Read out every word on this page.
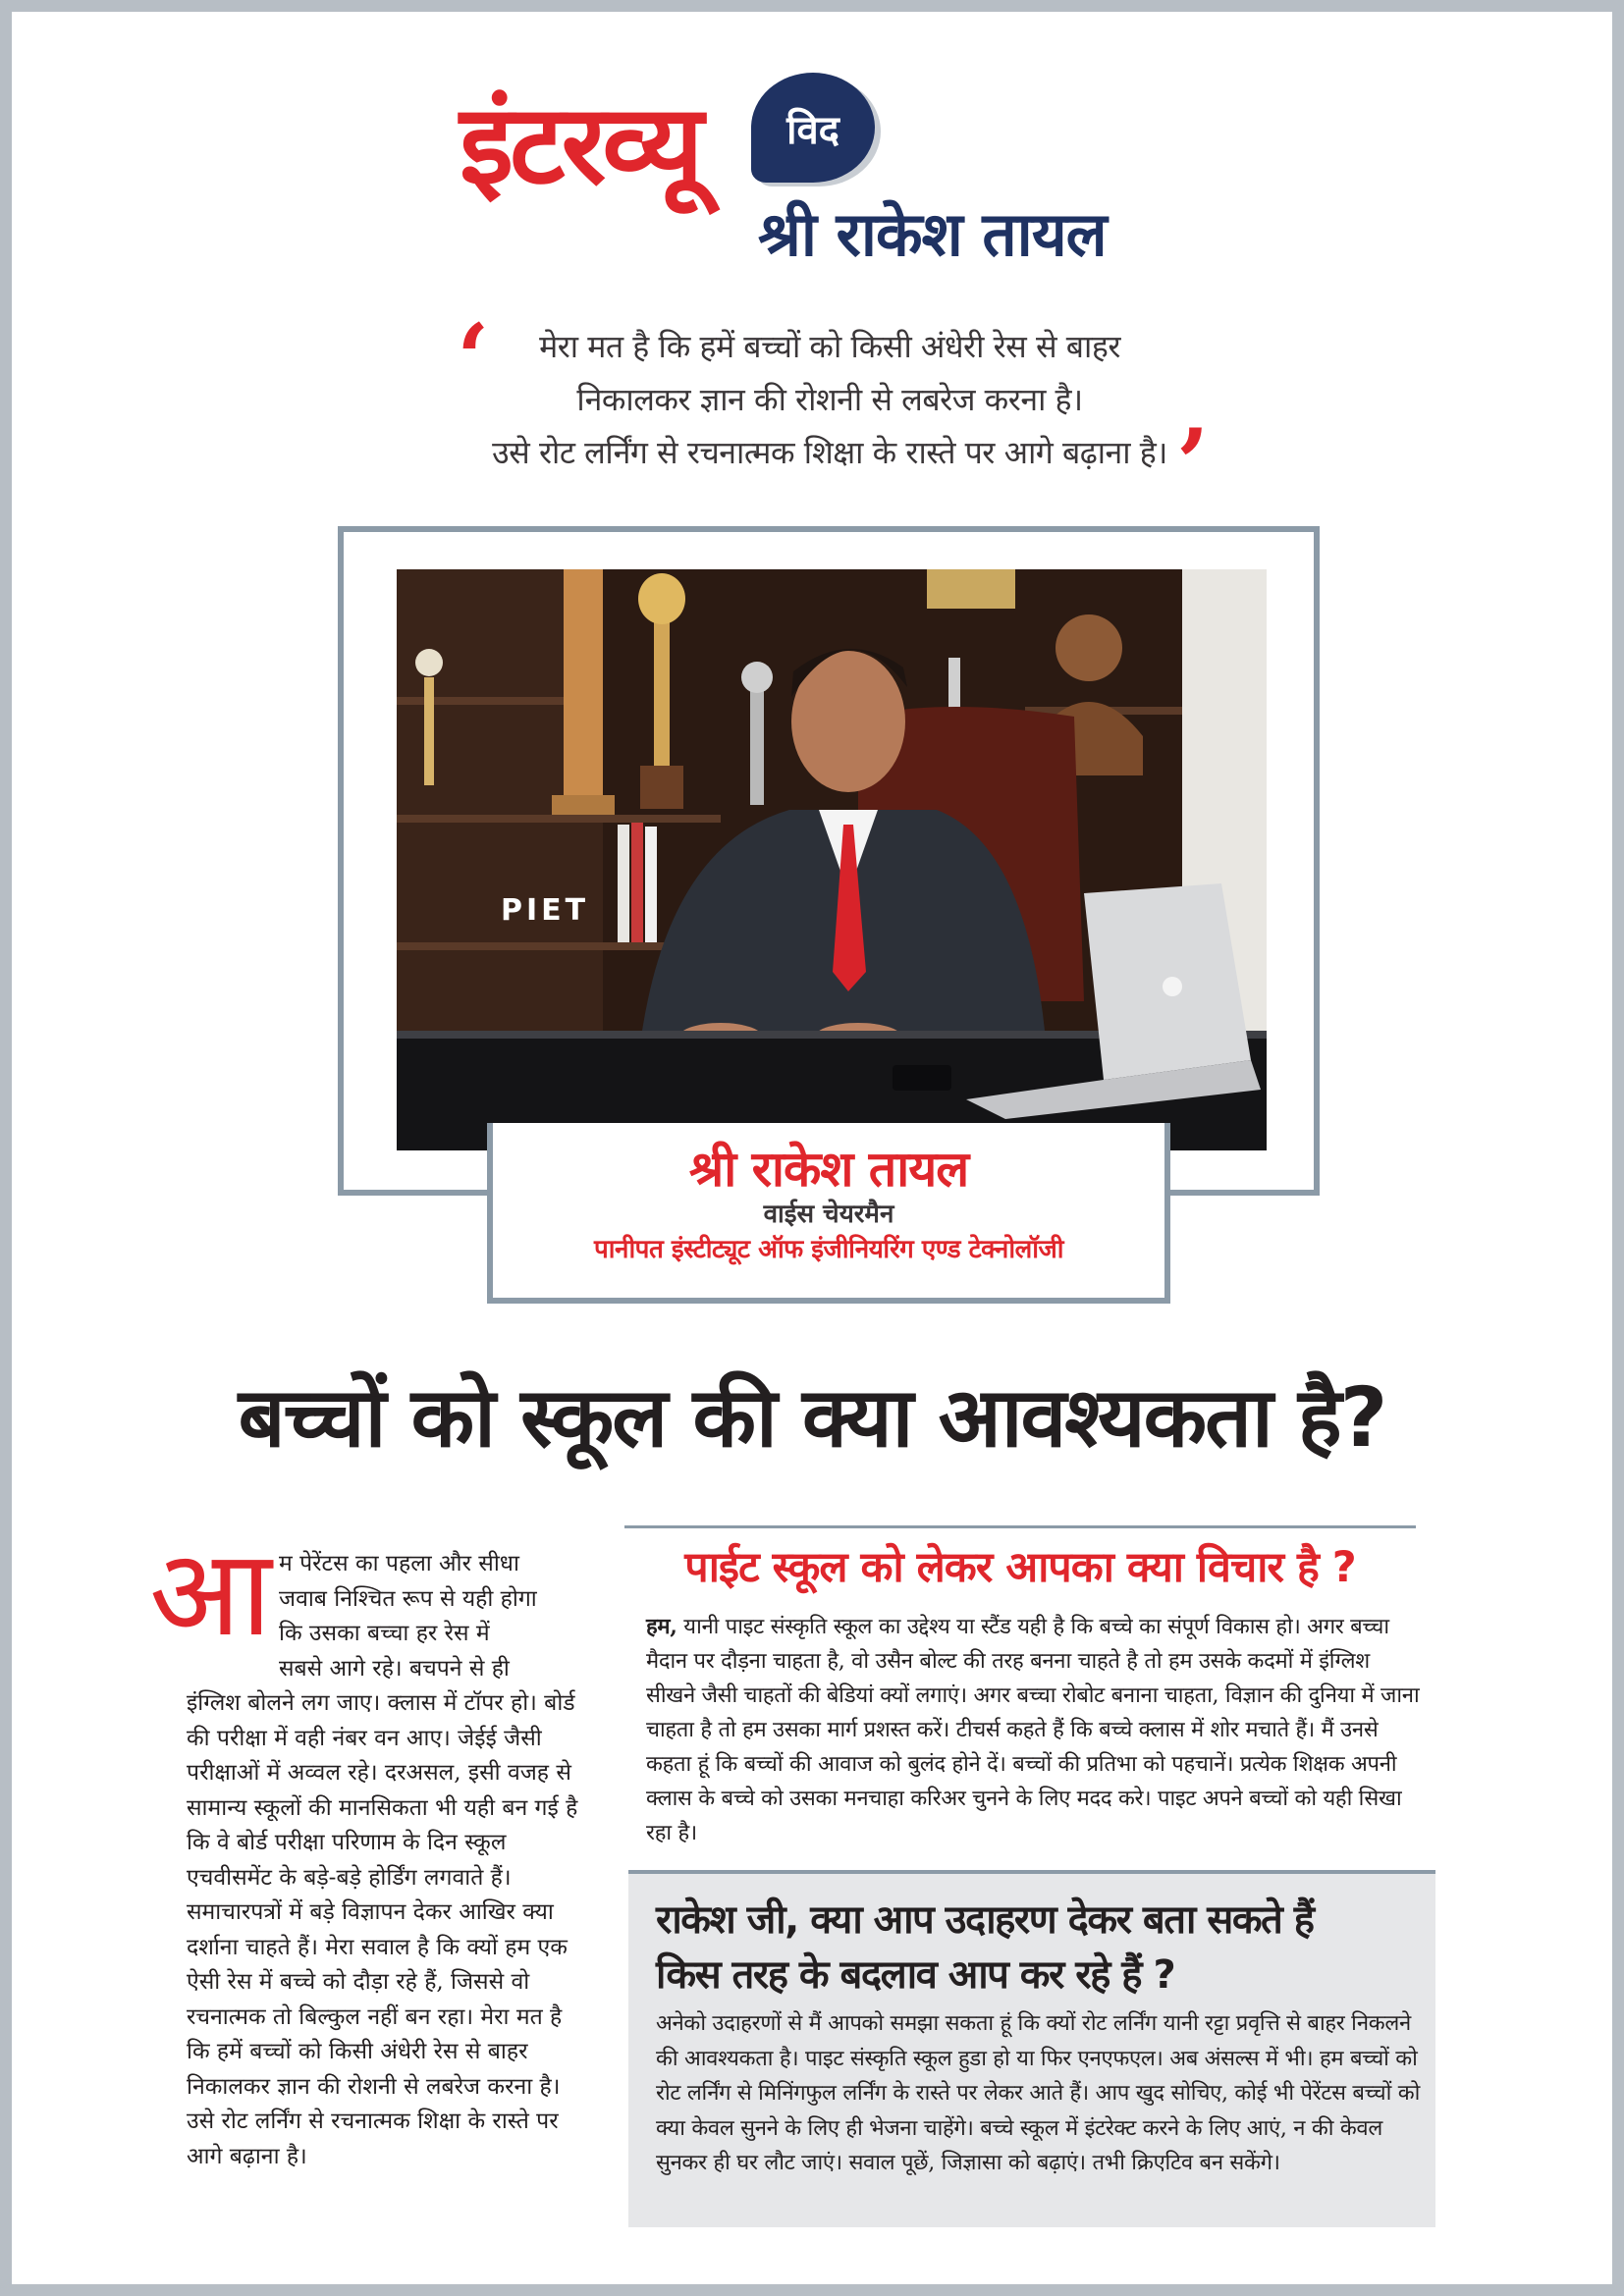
इंटरव्यू	विद
श्री राकेश तायल
‘	मेरा मत है कि हमें बच्चों को किसी अंधेरी रेस से बाहर
निकालकर ज्ञान की रोशनी से लबरेज करना है।
उसे रोट लर्निंग से रचनात्मक शिक्षा के रास्ते पर आगे बढ़ाना है। ’
PIET
श्री राकेश तायल
वाईस चेयरमैन
पानीपत इंस्टीट्यूट ऑफ इंजीनियरिंग एण्ड टेक्नोलॉजी
बच्चों को स्कूल की क्या आवश्यकता है?
आ म पेरेंटस का पहला और सीधा
जवाब निश्चित रूप से यही होगा
कि उसका बच्चा हर रेस में
सबसे आगे रहे। बचपने से ही
इंग्लिश बोलने लग जाए। क्लास में टॉपर हो। बोर्ड की परीक्षा में वही नंबर वन आए। जेईई जैसी परीक्षाओं में अव्वल रहे। दरअसल, इसी वजह से सामान्य स्कूलों की मानसिकता भी यही बन गई है कि वे बोर्ड परीक्षा परिणाम के दिन स्कूल एचवीसमेंट के बड़े-बड़े होर्डिंग लगवाते हैं। समाचारपत्रों में बड़े विज्ञापन देकर आखिर क्या दर्शाना चाहते हैं। मेरा सवाल है कि क्यों हम एक ऐसी रेस में बच्चे को दौड़ा रहे हैं, जिससे वो रचनात्मक तो बिल्कुल नहीं बन रहा। मेरा मत है कि हमें बच्चों को किसी अंधेरी रेस से बाहर निकालकर ज्ञान की रोशनी से लबरेज करना है। उसे रोट लर्निंग से रचनात्मक शिक्षा के रास्ते पर आगे बढ़ाना है।
पाईट स्कूल को लेकर आपका क्या विचार है ?
हम, यानी पाइट संस्कृति स्कूल का उद्देश्य या स्टैंड यही है कि बच्चे का संपूर्ण विकास हो। अगर बच्चा मैदान पर दौड़ना चाहता है, वो उसैन बोल्ट की तरह बनना चाहते है तो हम उसके कदमों में इंग्लिश सीखने जैसी चाहतों की बेडियां क्यों लगाएं। अगर बच्चा रोबोट बनाना चाहता, विज्ञान की दुनिया में जाना चाहता है तो हम उसका मार्ग प्रशस्त करें। टीचर्स कहते हैं कि बच्चे क्लास में शोर मचाते हैं। मैं उनसे कहता हूं कि बच्चों की आवाज को बुलंद होने दें। बच्चों की प्रतिभा को पहचानें। प्रत्येक शिक्षक अपनी क्लास के बच्चे को उसका मनचाहा करिअर चुनने के लिए मदद करे। पाइट अपने बच्चों को यही सिखा रहा है।
राकेश जी, क्या आप उदाहरण देकर बता सकते हैं
किस तरह के बदलाव आप कर रहे हैं ?
अनेको उदाहरणों से मैं आपको समझा सकता हूं कि क्यों रोट लर्निंग यानी रट्टा प्रवृत्ति से बाहर निकलने की आवश्यकता है। पाइट संस्कृति स्कूल हुडा हो या फिर एनएफएल। अब अंसल्स में भी। हम बच्चों को रोट लर्निंग से मिनिंगफुल लर्निंग के रास्ते पर लेकर आते हैं। आप खुद सोचिए, कोई भी पेरेंटस बच्चों को क्या केवल सुनने के लिए ही भेजना चाहेंगे। बच्चे स्कूल में इंटरेक्ट करने के लिए आएं, न की केवल सुनकर ही घर लौट जाएं। सवाल पूछें, जिज्ञासा को बढ़ाएं। तभी क्रिएटिव बन सकेंगे।
